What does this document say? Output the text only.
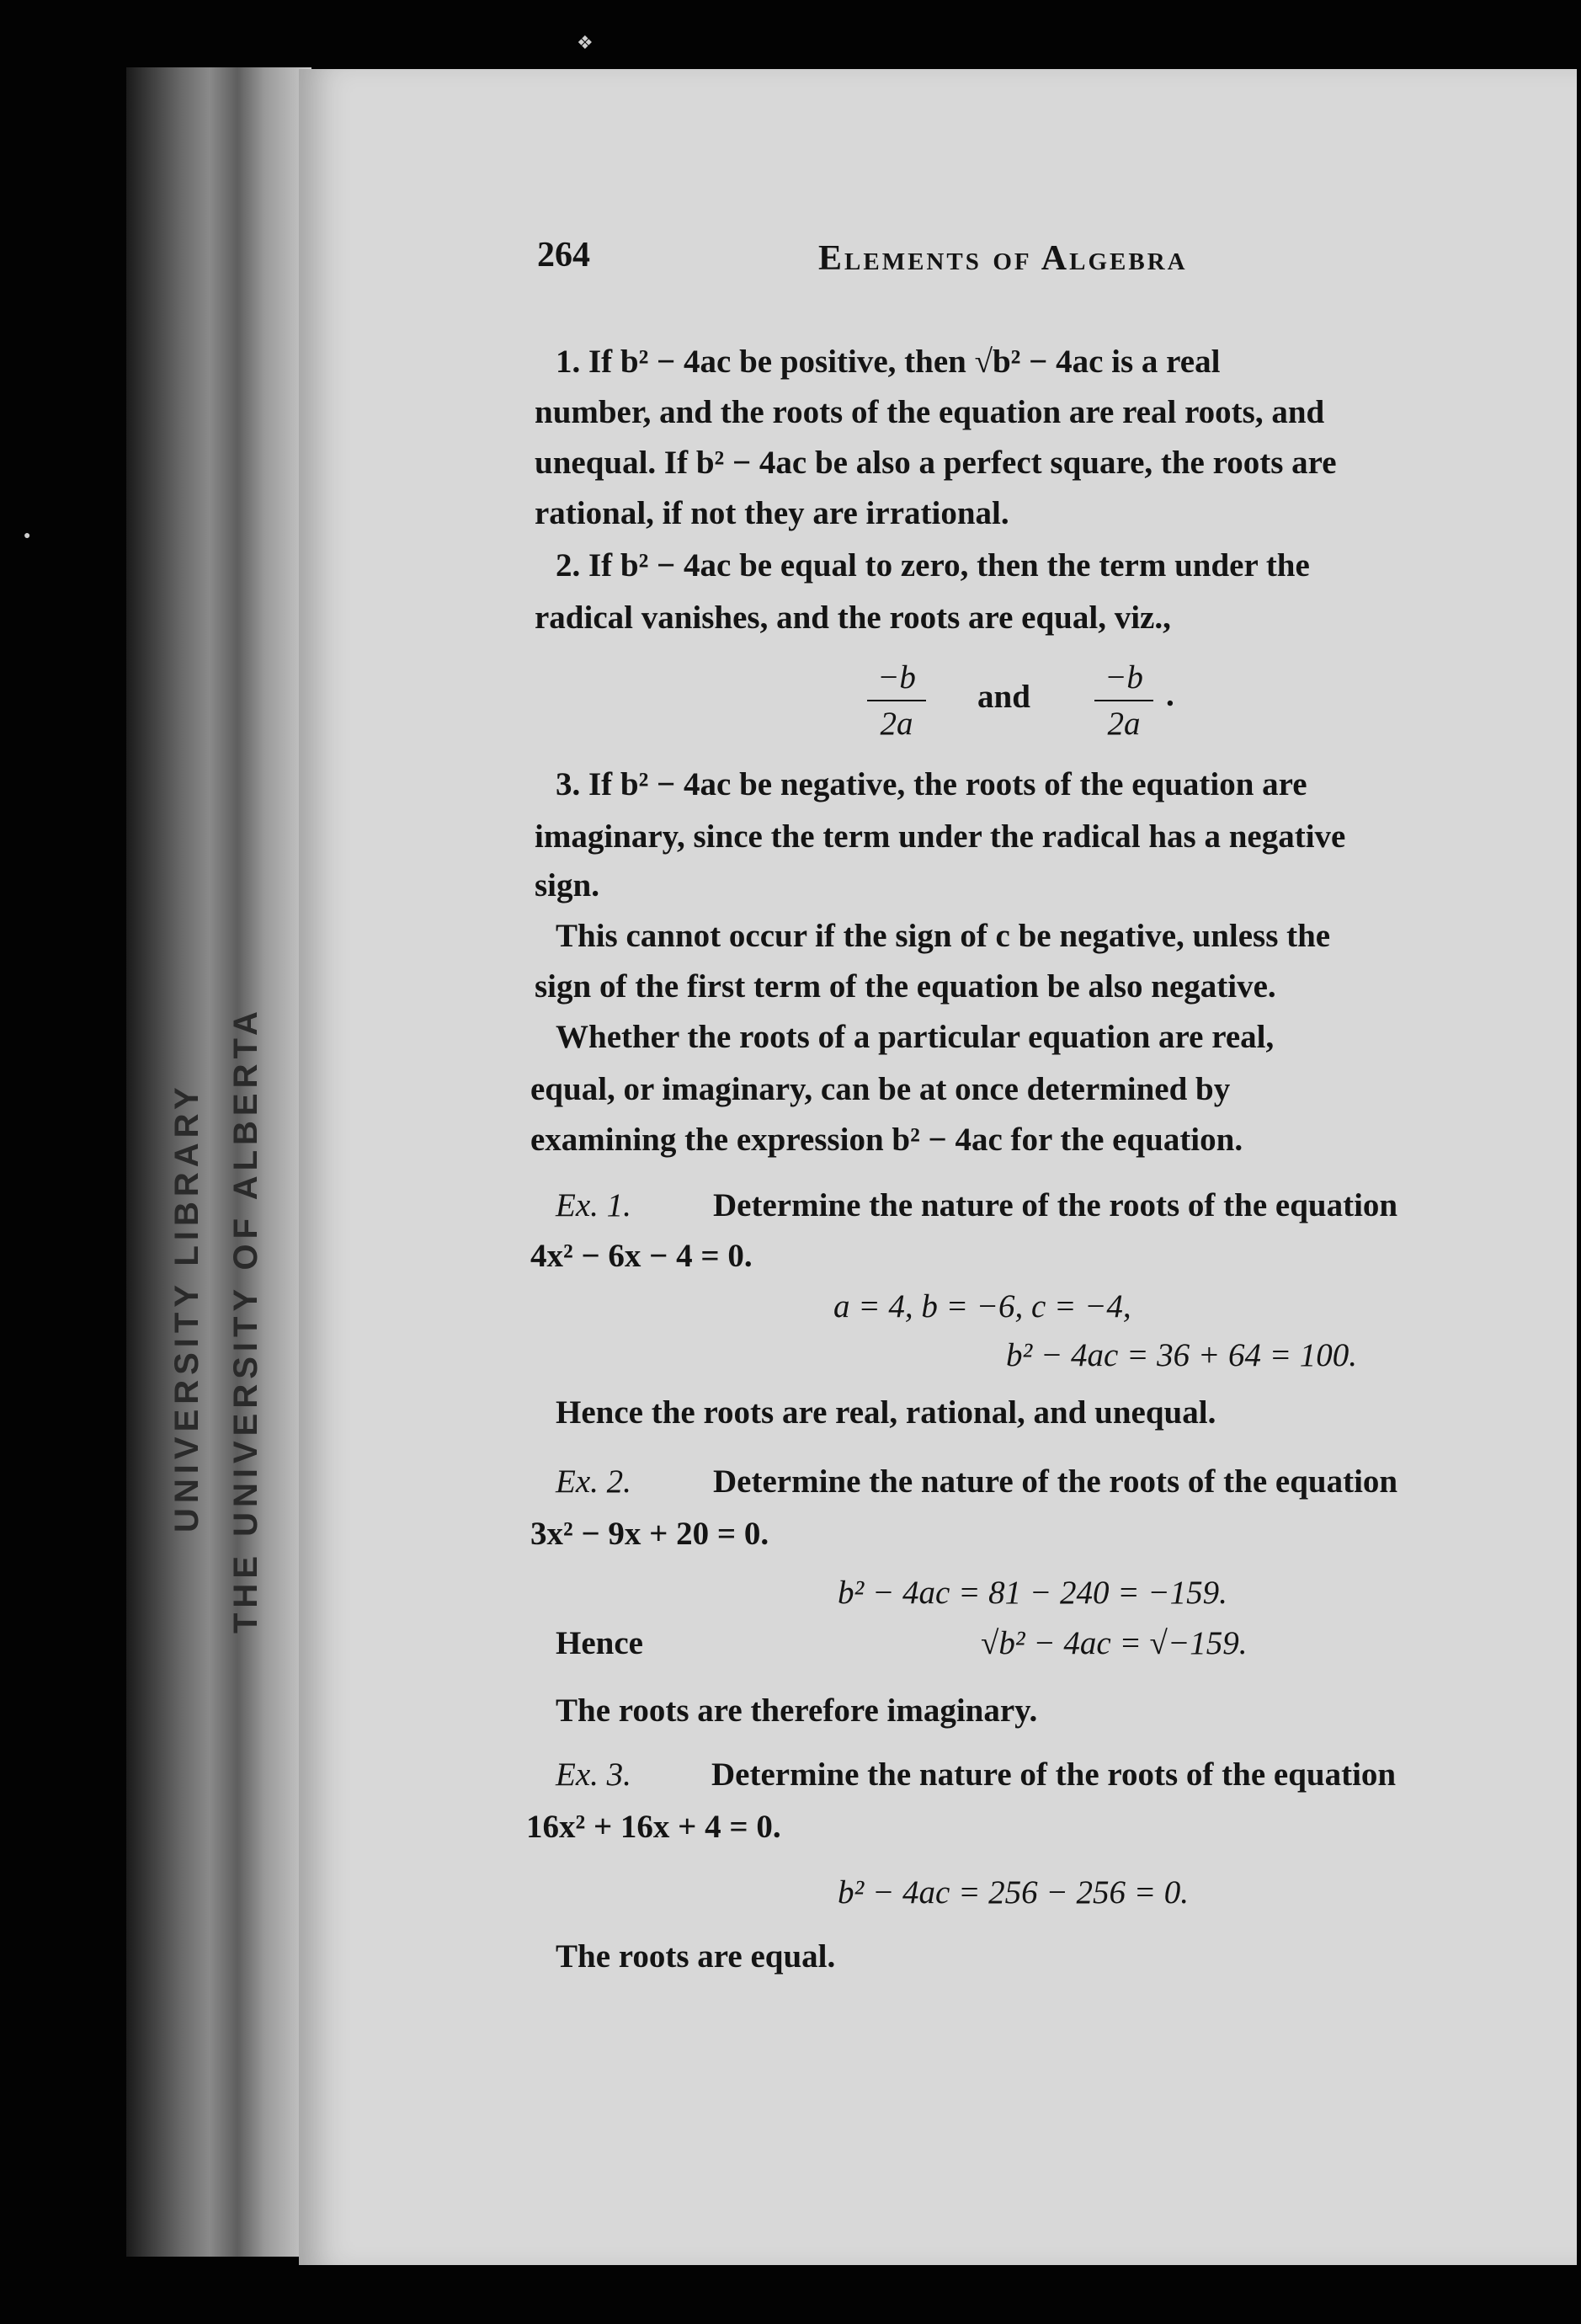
❖
●
UNIVERSITY LIBRARY THE UNIVERSITY OF ALBERTA
264	Elements of Algebra
1. If b² − 4ac be positive, then √b² − 4ac is a real
number, and the roots of the equation are real roots, and
unequal. If b² − 4ac be also a perfect square, the roots are
rational, if not they are irrational.
2. If b² − 4ac be equal to zero, then the term under the
radical vanishes, and the roots are equal, viz.,
−b
2a
and
−b
2a
.
3. If b² − 4ac be negative, the roots of the equation are
imaginary, since the term under the radical has a negative
sign.
This cannot occur if the sign of c be negative, unless the
sign of the first term of the equation be also negative.
Whether the roots of a particular equation are real,
equal, or imaginary, can be at once determined by
examining the expression b² − 4ac for the equation.
Ex. 1. Determine the nature of the roots of the equation
4x² − 6x − 4 = 0.
a = 4, b = −6, c = −4,
b² − 4ac = 36 + 64 = 100.
Hence the roots are real, rational, and unequal.
Ex. 2. Determine the nature of the roots of the equation
3x² − 9x + 20 = 0.
b² − 4ac = 81 − 240 = −159.
Hence	√b² − 4ac = √−159.
The roots are therefore imaginary.
Ex. 3. Determine the nature of the roots of the equation
16x² + 16x + 4 = 0.
b² − 4ac = 256 − 256 = 0.
The roots are equal.
